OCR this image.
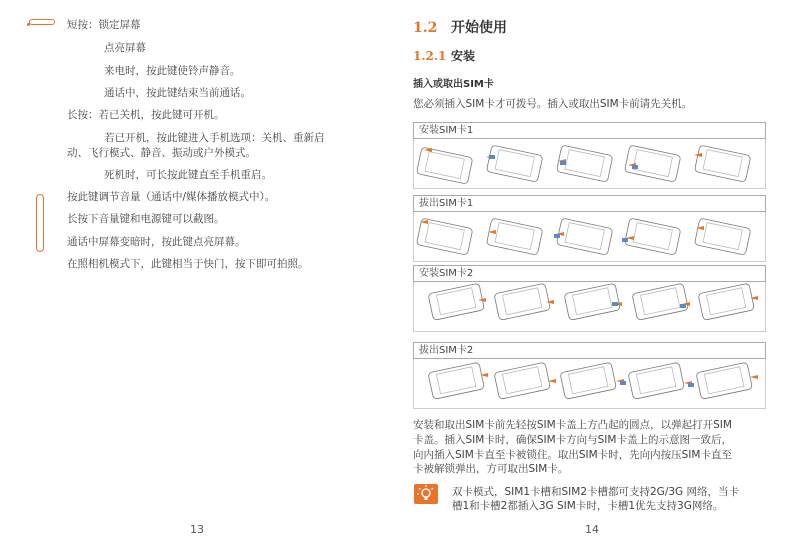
短按：锁定屏幕
点亮屏幕
来电时，按此键使铃声静音。
通话中，按此键结束当前通话。
长按：若已关机，按此键可开机。
若已开机，按此键进入手机选项：关机、重新启
动、飞行模式、静音、振动或户外模式。
死机时，可长按此键直至手机重启。
按此键调节音量（通话中/媒体播放模式中）。
长按下音量键和电源键可以截图。
通话中屏幕变暗时，按此键点亮屏幕。
在照相机模式下，此键相当于快门，按下即可拍照。
13
1.2 开始使用
1.2.1 安装
插入或取出SIM卡
您必须插入SIM卡才可拨号。插入或取出SIM卡前请先关机。
安装SIM卡1
拔出SIM卡1
安装SIM卡2
拔出SIM卡2
安装和取出SIM卡前先轻按SIM卡盖上方凸起的圆点，以弹起打开SIM
卡盖。插入SIM卡时，确保SIM卡方向与SIM卡盖上的示意图一致后，
向内插入SIM卡直至卡被锁住。取出SIM卡时，先向内按压SIM卡直至
卡被解锁弹出，方可取出SIM卡。
双卡模式，SIM1卡槽和SIM2卡槽都可支持2G/3G 网络，当卡
槽1和卡槽2都插入3G SIM卡时，卡槽1优先支持3G网络。
14
